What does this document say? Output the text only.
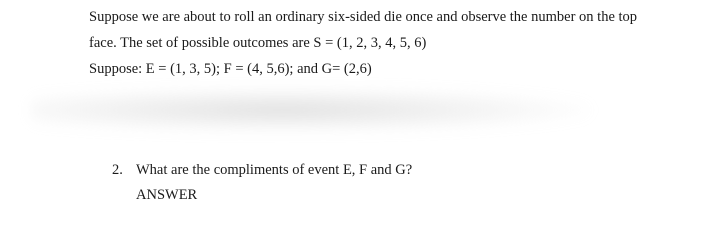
Suppose we are about to roll an ordinary six-sided die once and observe the number on the top
face. The set of possible outcomes are S = (1, 2, 3, 4, 5, 6)
Suppose: E = (1, 3, 5); F = (4, 5,6); and G= (2,6)
2. What are the compliments of event E, F and G?
ANSWER
